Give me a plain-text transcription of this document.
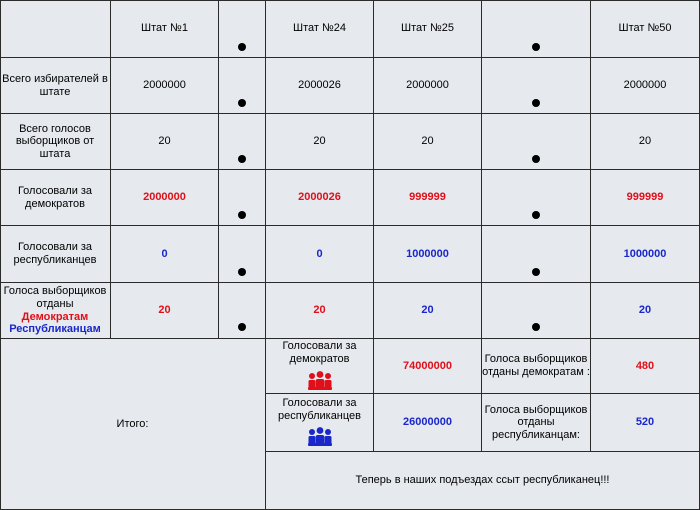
Штат №1	Штат №24	Штат №25	Штат №50
Всего избирателей в штате
2000000	2000026	2000000	2000000
Всего голосов выборщиков от штата
20	20	20	20
Голосовали за демократов
2000000	2000026	999999	999999
Голосовали за республиканцев
0	0	1000000	1000000
Голоса выборщиков отданы
Демократам
Республиканцам
20	20	20	20
Итого:
Голосовали за демократов
74000000
Голоса выборщиков отданы демократам :
480
Голосовали за республиканцев
26000000
Голоса выборщиков отданы республиканцам:
520
Теперь в наших подъездах ссыт республиканец!!!
